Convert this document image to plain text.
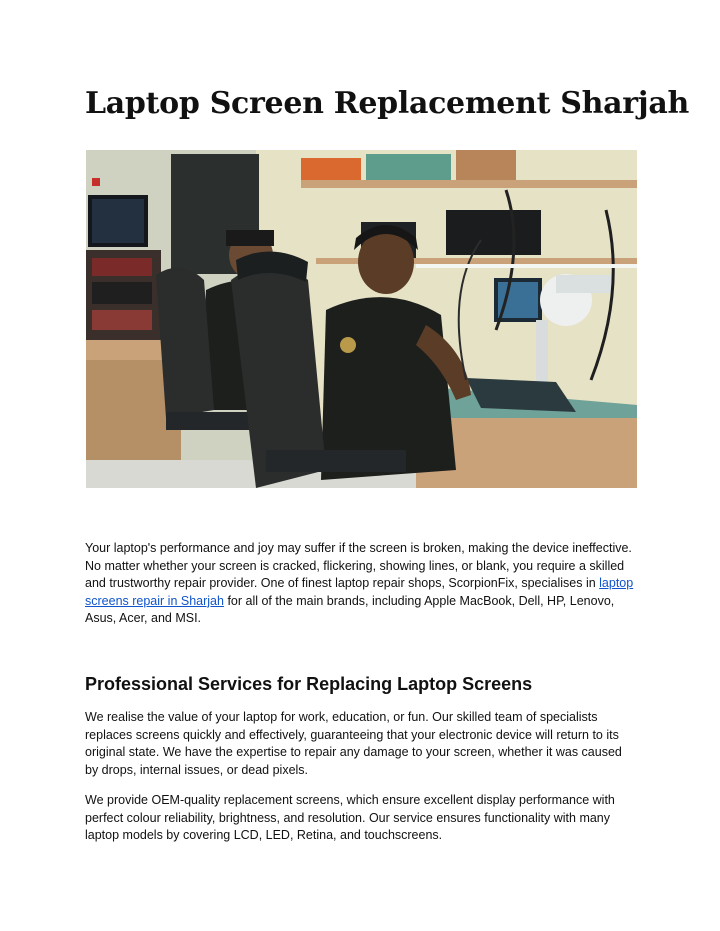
Laptop Screen Replacement Sharjah

Your laptop's performance and joy may suffer if the screen is broken, making the device ineffective. No matter whether your screen is cracked, flickering, showing lines, or blank, you require a skilled and trustworthy repair provider. One of finest laptop repair shops, ScorpionFix, specialises in laptop screens repair in Sharjah for all of the main brands, including Apple MacBook, Dell, HP, Lenovo, Asus, Acer, and MSI.

Professional Services for Replacing Laptop Screens

We realise the value of your laptop for work, education, or fun. Our skilled team of specialists replaces screens quickly and effectively, guaranteeing that your electronic device will return to its original state. We have the expertise to repair any damage to your screen, whether it was caused by drops, internal issues, or dead pixels.

We provide OEM-quality replacement screens, which ensure excellent display performance with perfect colour reliability, brightness, and resolution. Our service ensures functionality with many laptop models by covering LCD, LED, Retina, and touchscreens.
